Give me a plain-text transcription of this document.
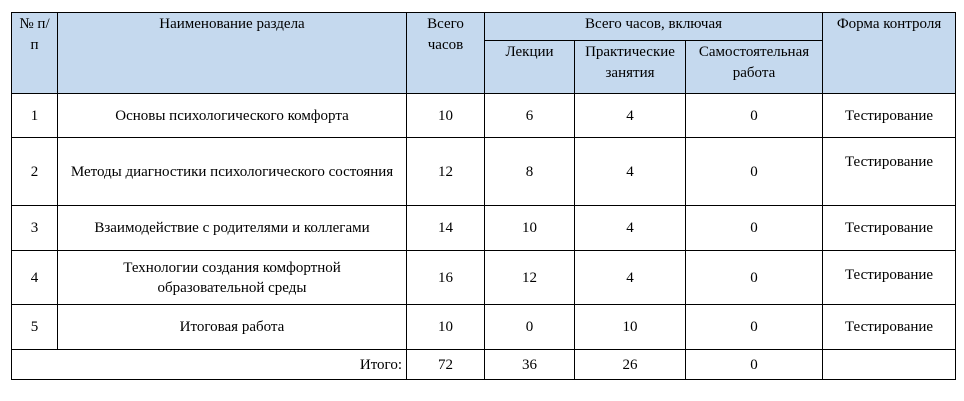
№ п/п	Наименование раздела	Всего часов	Всего часов, включая			Форма контроля
			Лекции	Практические занятия	Самостоятельная работа	
1	Основы психологического комфорта	10	6	4	0	Тестирование
2	Методы диагностики психологического состояния	12	8	4	0	Тестирование
3	Взаимодействие с родителями и коллегами	14	10	4	0	Тестирование
4	Технологии создания комфортной образовательной среды	16	12	4	0	Тестирование
5	Итоговая работа	10	0	10	0	Тестирование
Итого:		72	36	26	0	
